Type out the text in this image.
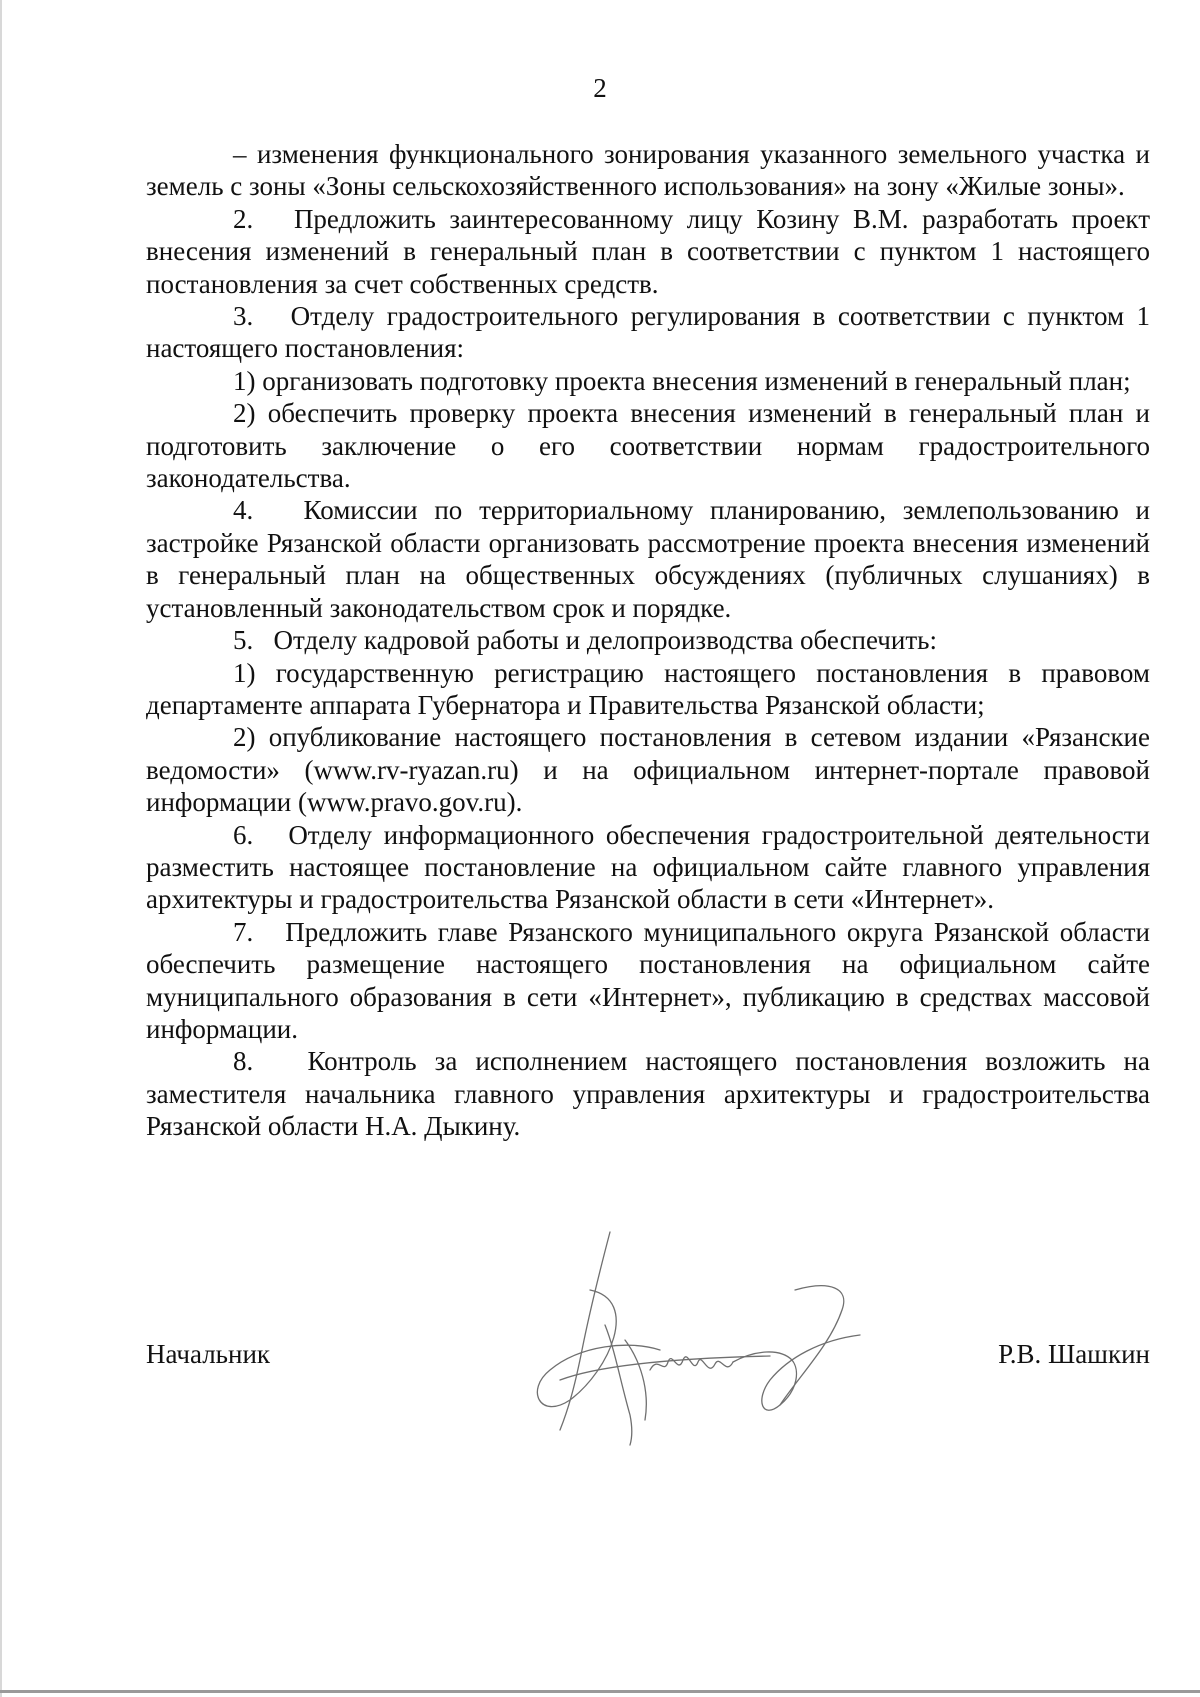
2

– изменения функционального зонирования указанного земельного участка и земель с зоны «Зоны сельскохозяйственного использования» на зону «Жилые зоны».

2.   Предложить заинтересованному лицу Козину В.М. разработать проект внесения изменений в генеральный план в соответствии с пунктом 1 настоящего постановления за счет собственных средств.

3.   Отделу градостроительного регулирования в соответствии с пунктом 1 настоящего постановления:

1) организовать подготовку проекта внесения изменений в генеральный план;

2) обеспечить проверку проекта внесения изменений в генеральный план и подготовить заключение о его соответствии нормам градостроительного законодательства.

4.   Комиссии по территориальному планированию, землепользованию и застройке Рязанской области организовать рассмотрение проекта внесения изменений в генеральный план на общественных обсуждениях (публичных слушаниях) в установленный законодательством срок и порядке.

5.   Отделу кадровой работы и делопроизводства обеспечить:

1) государственную регистрацию настоящего постановления в правовом департаменте аппарата Губернатора и Правительства Рязанской области;

2) опубликование настоящего постановления в сетевом издании «Рязанские ведомости» (www.rv-ryazan.ru) и на официальном интернет-портале правовой информации (www.pravo.gov.ru).

6.   Отделу информационного обеспечения градостроительной деятельности разместить настоящее постановление на официальном сайте главного управления архитектуры и градостроительства Рязанской области в сети «Интернет».

7.   Предложить главе Рязанского муниципального округа Рязанской области обеспечить размещение настоящего постановления на официальном сайте муниципального образования в сети «Интернет», публикацию в средствах массовой информации.

8.   Контроль за исполнением настоящего постановления возложить на заместителя начальника главного управления архитектуры и градостроительства Рязанской области Н.А. Дыкину.

Начальник	Р.В. Шашкин
